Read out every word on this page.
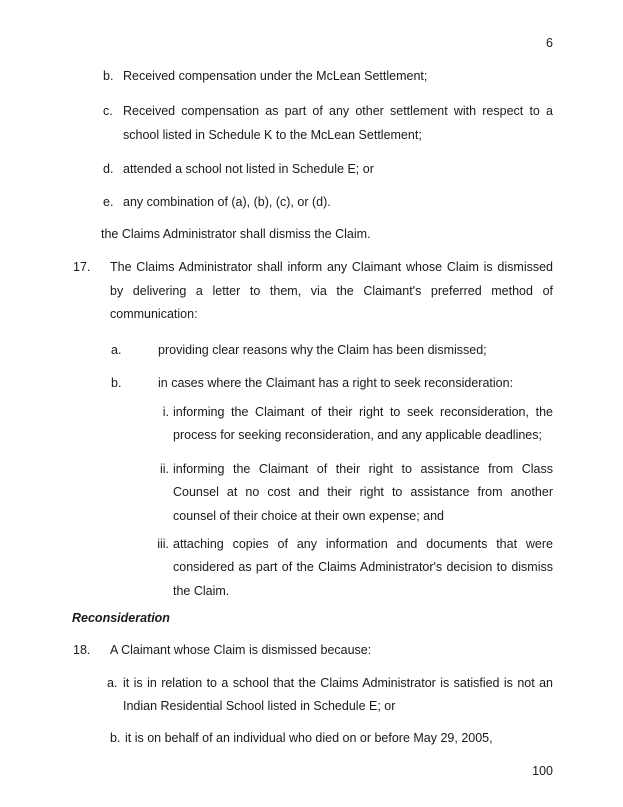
6
b. Received compensation under the McLean Settlement;
c. Received compensation as part of any other settlement with respect to a school listed in Schedule K to the McLean Settlement;
d. attended a school not listed in Schedule E; or
e. any combination of (a), (b), (c), or (d).
the Claims Administrator shall dismiss the Claim.
17. The Claims Administrator shall inform any Claimant whose Claim is dismissed by delivering a letter to them, via the Claimant's preferred method of communication:
a.	providing clear reasons why the Claim has been dismissed;
b.	in cases where the Claimant has a right to seek reconsideration:
i. informing the Claimant of their right to seek reconsideration, the process for seeking reconsideration, and any applicable deadlines;
ii. informing the Claimant of their right to assistance from Class Counsel at no cost and their right to assistance from another counsel of their choice at their own expense; and
iii. attaching copies of any information and documents that were considered as part of the Claims Administrator's decision to dismiss the Claim.
Reconsideration
18. A Claimant whose Claim is dismissed because:
a. it is in relation to a school that the Claims Administrator is satisfied is not an Indian Residential School listed in Schedule E; or
b. it is on behalf of an individual who died on or before May 29, 2005,
100
